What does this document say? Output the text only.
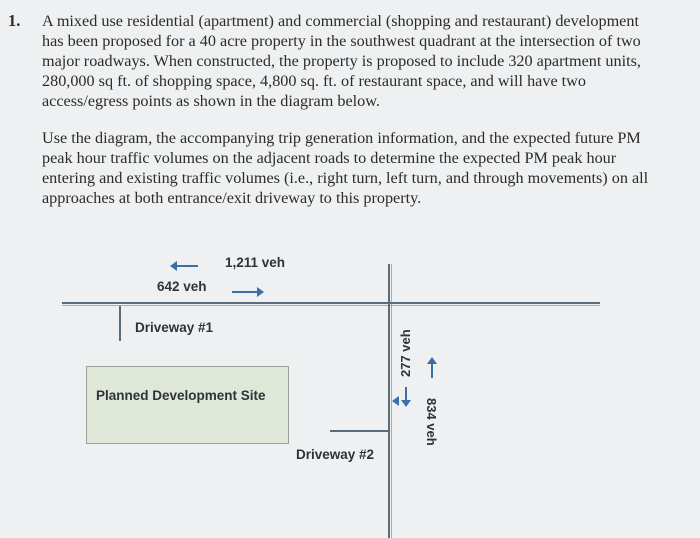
1. A mixed use residential (apartment) and commercial (shopping and restaurant) development
has been proposed for a 40 acre property in the southwest quadrant at the intersection of two
major roadways. When constructed, the property is proposed to include 320 apartment units,
280,000 sq ft. of shopping space, 4,800 sq. ft. of restaurant space, and will have two
access/egress points as shown in the diagram below.
Use the diagram, the accompanying trip generation information, and the expected future PM
peak hour traffic volumes on the adjacent roads to determine the expected PM peak hour
entering and existing traffic volumes (i.e., right turn, left turn, and through movements) on all
approaches at both entrance/exit driveway to this property.
642 veh
1,211 veh
Driveway #1
Planned Development Site
Driveway #2
277 veh
834 veh
